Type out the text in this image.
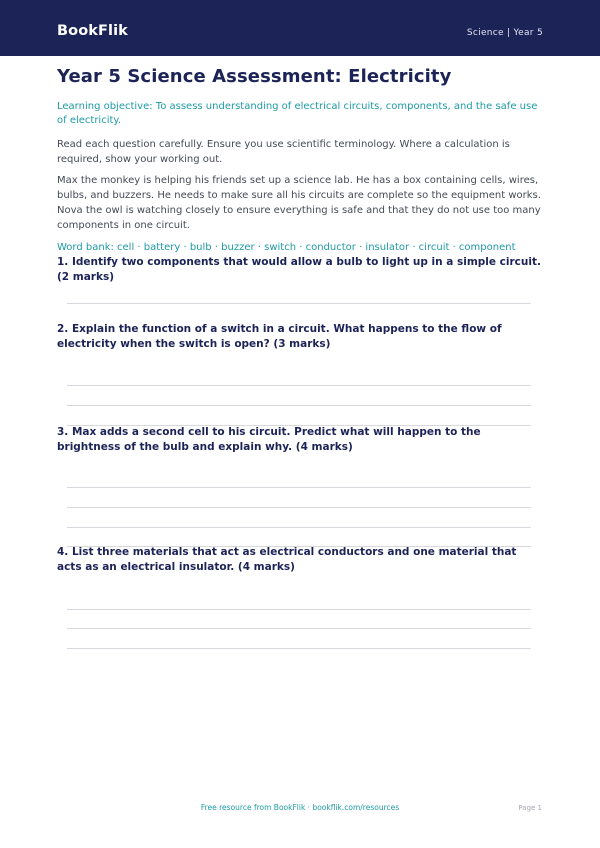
BookFlik	Science | Year 5
Year 5 Science Assessment: Electricity

Learning objective: To assess understanding of electrical circuits, components, and the safe use of electricity.

Read each question carefully. Ensure you use scientific terminology. Where a calculation is required, show your working out.

Max the monkey is helping his friends set up a science lab. He has a box containing cells, wires, bulbs, and buzzers. He needs to make sure all his circuits are complete so the equipment works. Nova the owl is watching closely to ensure everything is safe and that they do not use too many components in one circuit.

Word bank: cell · battery · bulb · buzzer · switch · conductor · insulator · circuit · component

1. Identify two components that would allow a bulb to light up in a simple circuit. (2 marks)
2. Explain the function of a switch in a circuit. What happens to the flow of electricity when the switch is open? (3 marks)
3. Max adds a second cell to his circuit. Predict what will happen to the brightness of the bulb and explain why. (4 marks)
4. List three materials that act as electrical conductors and one material that acts as an electrical insulator. (4 marks)
Free resource from BookFlik · bookflik.com/resources	Page 1
